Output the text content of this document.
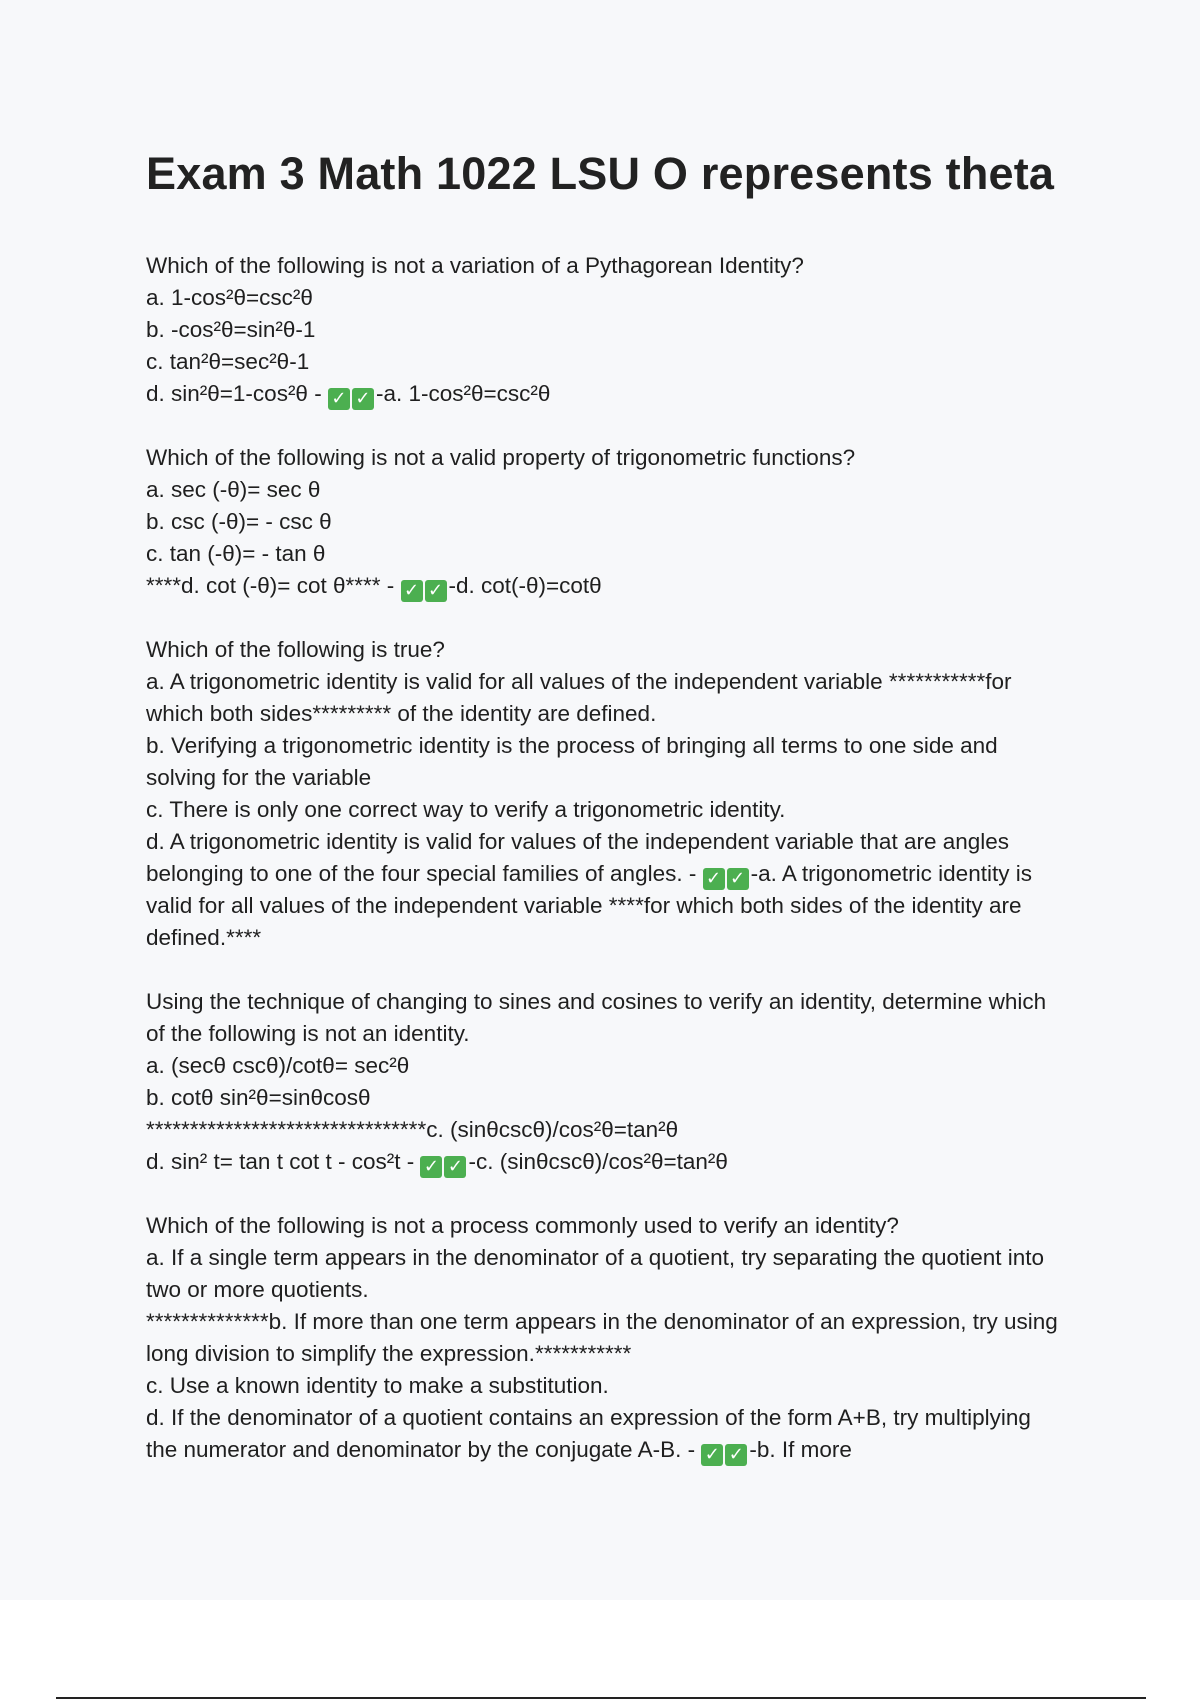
Exam 3 Math 1022 LSU O represents theta

Which of the following is not a variation of a Pythagorean Identity?

a. 1-cos²θ=csc²θ

b. -cos²θ=sin²θ-1

c. tan²θ=sec²θ-1

d. sin²θ=1-cos²θ - ✓ ✓ -a. 1-cos²θ=csc²θ

Which of the following is not a valid property of trigonometric functions?

a. sec (-θ)= sec θ

b. csc (-θ)= - csc θ

c. tan (-θ)= - tan θ

****d. cot (-θ)= cot θ**** - ✓ ✓ -d. cot(-θ)=cotθ

Which of the following is true?

a. A trigonometric identity is valid for all values of the independent variable ***********for which both sides********* of the identity are defined.

b. Verifying a trigonometric identity is the process of bringing all terms to one side and solving for the variable

c. There is only one correct way to verify a trigonometric identity.

d. A trigonometric identity is valid for values of the independent variable that are angles belonging to one of the four special families of angles. - ✓ ✓ -a. A trigonometric identity is valid for all values of the independent variable ****for which both sides of the identity are defined.****

Using the technique of changing to sines and cosines to verify an identity, determine which of the following is not an identity.

a. (secθ cscθ)/cotθ= sec²θ

b. cotθ sin²θ=sinθcosθ

********************************c. (sinθcscθ)/cos²θ=tan²θ

d. sin² t= tan t cot t - cos²t - ✓ ✓ -c. (sinθcscθ)/cos²θ=tan²θ

Which of the following is not a process commonly used to verify an identity?

a. If a single term appears in the denominator of a quotient, try separating the quotient into two or more quotients.

**************b. If more than one term appears in the denominator of an expression, try using long division to simplify the expression.***********

c. Use a known identity to make a substitution.

d. If the denominator of a quotient contains an expression of the form A+B, try multiplying the numerator and denominator by the conjugate A-B. - ✓ ✓ -b. If more
